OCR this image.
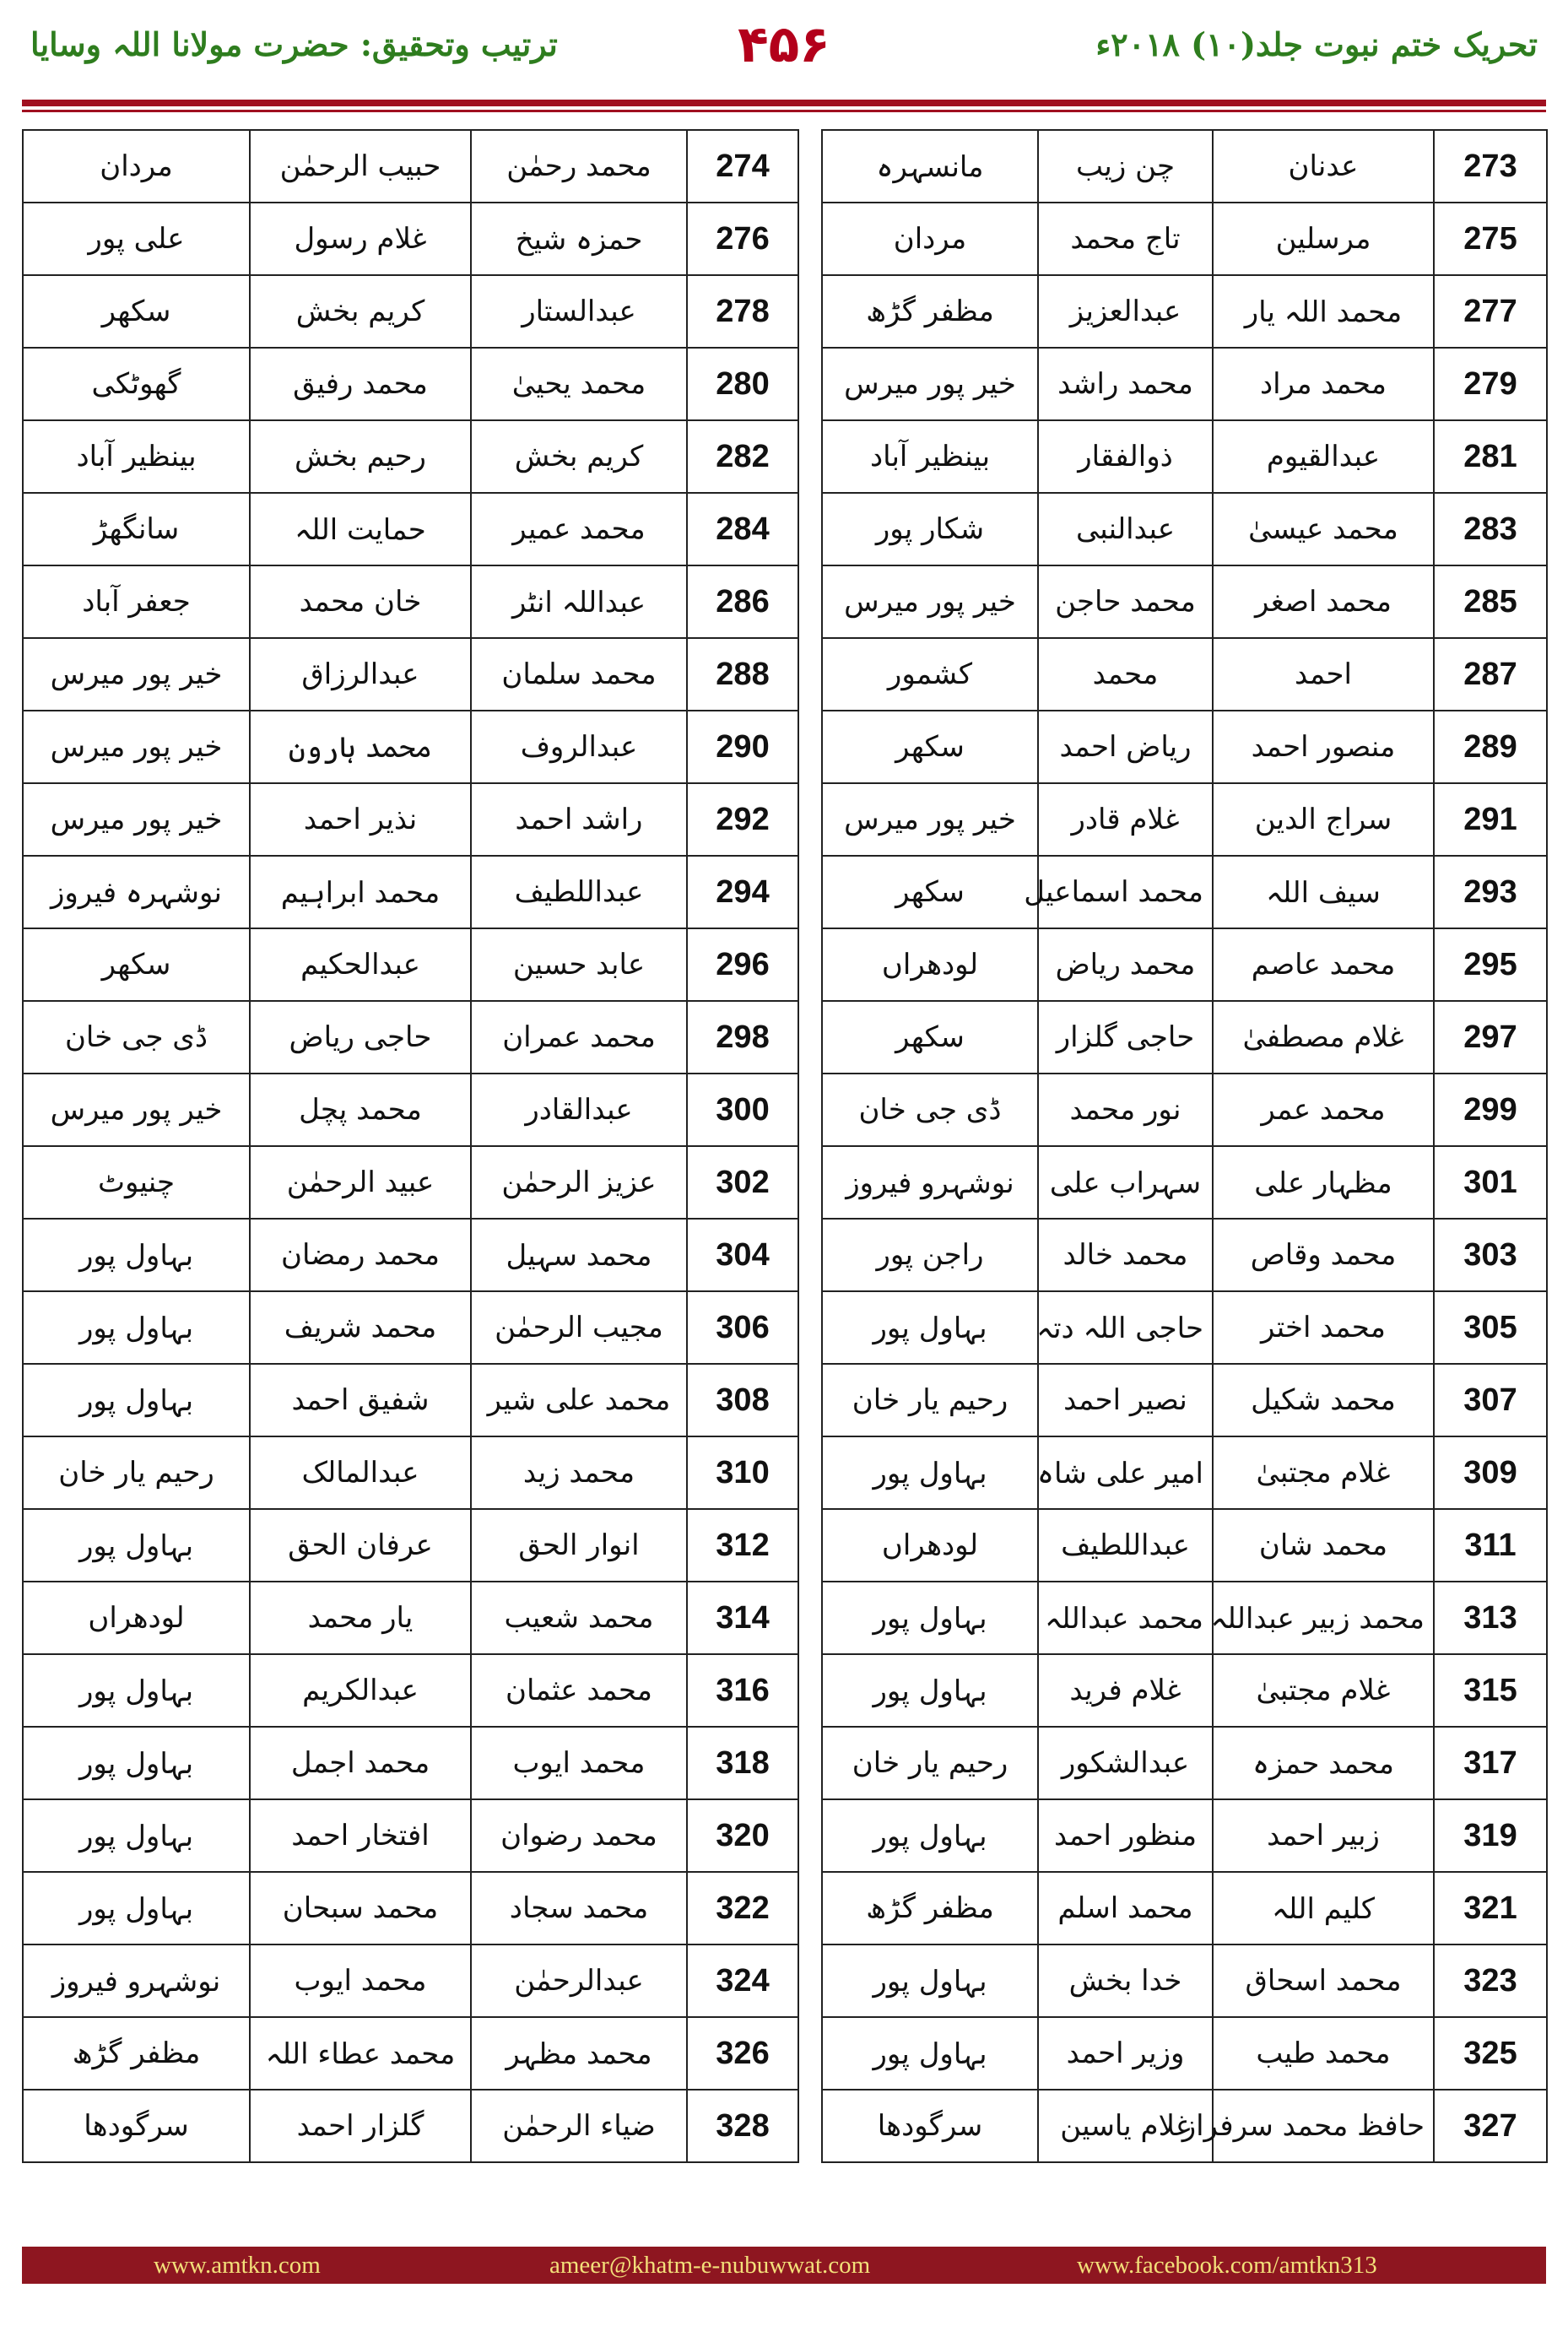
تحریک ختم نبوت جلد(۱۰) ۲۰۱۸ء
۴۵۶
ترتیب وتحقیق: حضرت مولانا اللہ وسایا
273	عدنان	چن زیب	مانسہرہ		274	محمد رحمٰن	حبیب الرحمٰن	مردان
275	مرسلین	تاج محمد	مردان		276	حمزہ شیخ	غلام رسول	علی پور
277	محمد اللہ یار	عبدالعزیز	مظفر گڑھ		278	عبدالستار	کریم بخش	سکھر
279	محمد مراد	محمد راشد	خیر پور میرس		280	محمد یحییٰ	محمد رفیق	گھوٹکی
281	عبدالقیوم	ذوالفقار	بینظیر آباد		282	کریم بخش	رحیم بخش	بینظیر آباد
283	محمد عیسیٰ	عبدالنبی	شکار پور		284	محمد عمیر	حمایت اللہ	سانگھڑ
285	محمد اصغر	محمد حاجن	خیر پور میرس		286	عبداللہ انٹر	خان محمد	جعفر آباد
287	احمد	محمد	کشمور		288	محمد سلمان	عبدالرزاق	خیر پور میرس
289	منصور احمد	ریاض احمد	سکھر		290	عبدالروف	محمد ہارون	خیر پور میرس
291	سراج الدین	غلام قادر	خیر پور میرس		292	راشد احمد	نذیر احمد	خیر پور میرس
293	سیف اللہ	محمد اسماعیل	سکھر		294	عبداللطیف	محمد ابراہیم	نوشہرہ فیروز
295	محمد عاصم	محمد ریاض	لودھراں		296	عابد حسین	عبدالحکیم	سکھر
297	غلام مصطفیٰ	حاجی گلزار	سکھر		298	محمد عمران	حاجی ریاض	ڈی جی خان
299	محمد عمر	نور محمد	ڈی جی خان		300	عبدالقادر	محمد پچل	خیر پور میرس
301	مظہار علی	سہراب علی	نوشہرو فیروز		302	عزیز الرحمٰن	عبید الرحمٰن	چنیوٹ
303	محمد وقاص	محمد خالد	راجن پور		304	محمد سہیل	محمد رمضان	بہاول پور
305	محمد اختر	حاجی اللہ دتہ	بہاول پور		306	مجیب الرحمٰن	محمد شریف	بہاول پور
307	محمد شکیل	نصیر احمد	رحیم یار خان		308	محمد علی شیر	شفیق احمد	بہاول پور
309	غلام مجتبیٰ	امیر علی شاہ	بہاول پور		310	محمد زید	عبدالمالک	رحیم یار خان
311	محمد شان	عبداللطیف	لودھراں		312	انوار الحق	عرفان الحق	بہاول پور
313	محمد زبیر عبداللہ	محمد عبداللہ	بہاول پور		314	محمد شعیب	یار محمد	لودھراں
315	غلام مجتبیٰ	غلام فرید	بہاول پور		316	محمد عثمان	عبدالکریم	بہاول پور
317	محمد حمزہ	عبدالشکور	رحیم یار خان		318	محمد ایوب	محمد اجمل	بہاول پور
319	زبیر احمد	منظور احمد	بہاول پور		320	محمد رضوان	افتخار احمد	بہاول پور
321	کلیم اللہ	محمد اسلم	مظفر گڑھ		322	محمد سجاد	محمد سبحان	بہاول پور
323	محمد اسحاق	خدا بخش	بہاول پور		324	عبدالرحمٰن	محمد ایوب	نوشہرو فیروز
325	محمد طیب	وزیر احمد	بہاول پور		326	محمد مظہر	محمد عطاء اللہ	مظفر گڑھ
327	حافظ محمد سرفراز	غلام یاسین	سرگودھا		328	ضیاء الرحمٰن	گلزار احمد	سرگودھا
www.amtkn.com	ameer@khatm-e-nubuwwat.com	www.facebook.com/amtkn313
